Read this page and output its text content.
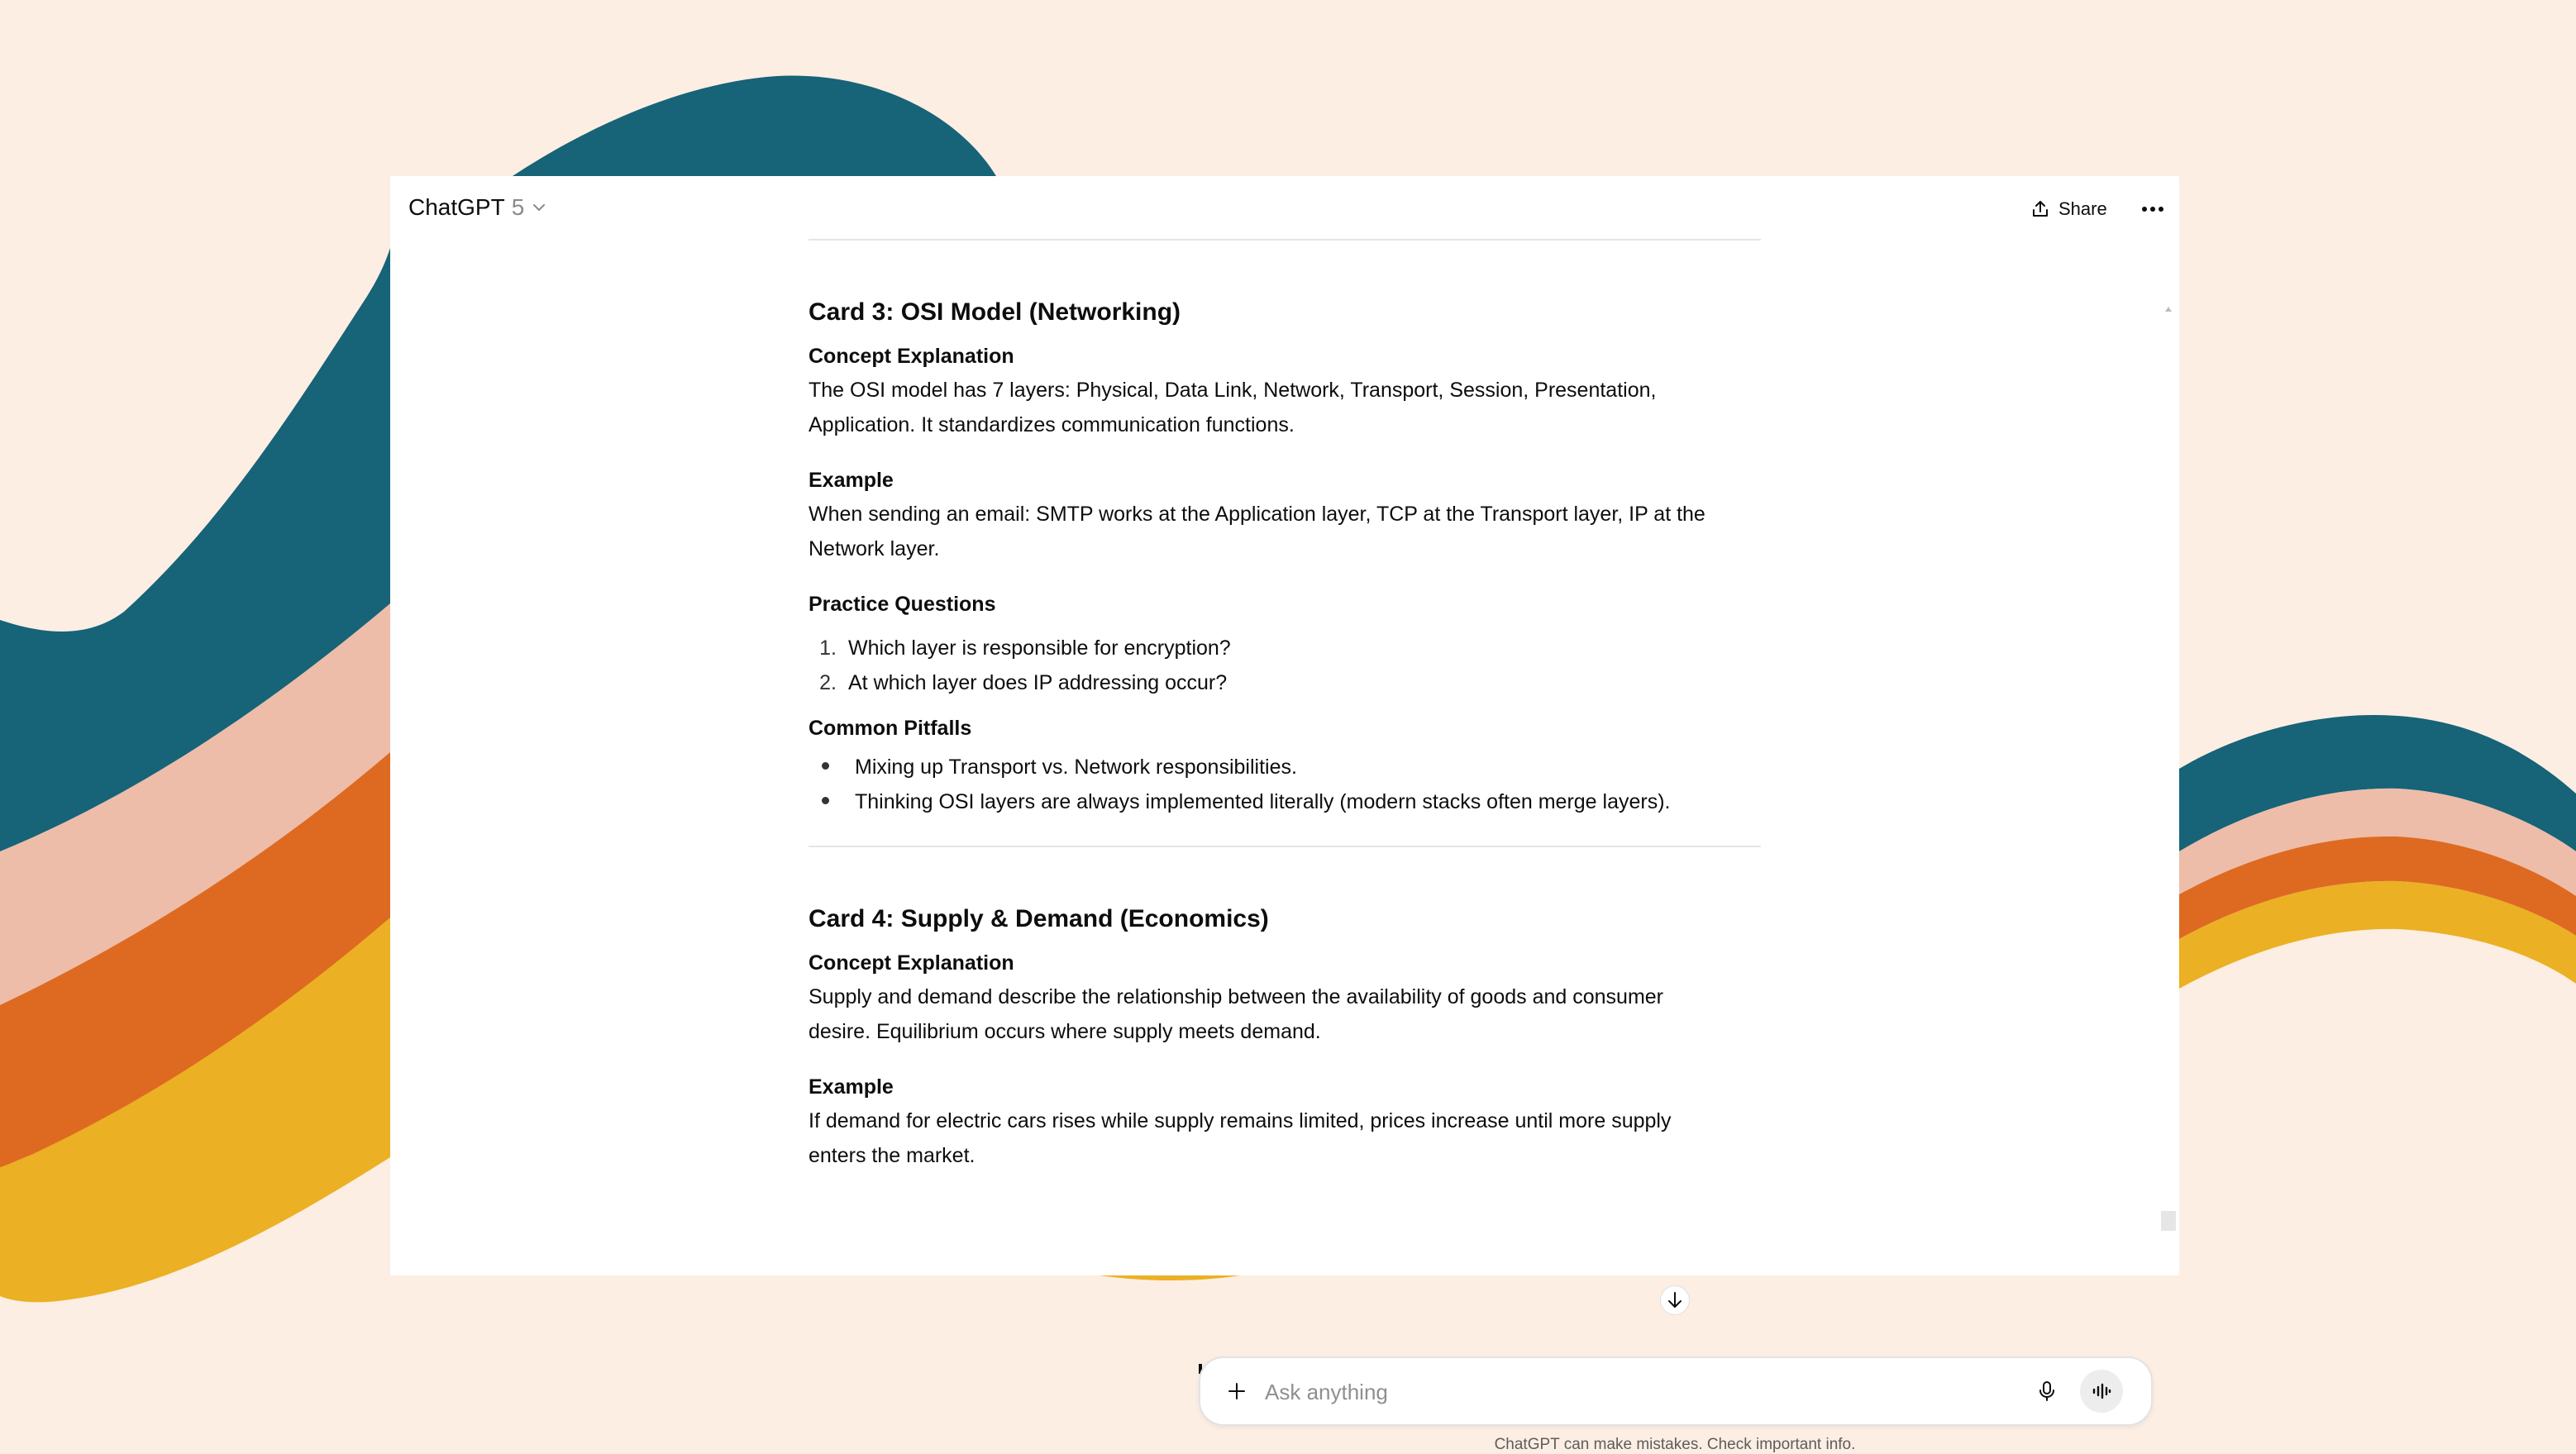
ChatGPT 5	Share
Card 3: OSI Model (Networking)
Concept Explanation
The OSI model has 7 layers: Physical, Data Link, Network, Transport, Session, Presentation,
Application. It standardizes communication functions.
Example
When sending an email: SMTP works at the Application layer, TCP at the Transport layer, IP at the
Network layer.
Practice Questions
1. Which layer is responsible for encryption?
2. At which layer does IP addressing occur?
Common Pitfalls
Mixing up Transport vs. Network responsibilities.
Thinking OSI layers are always implemented literally (modern stacks often merge layers).
Card 4: Supply & Demand (Economics)
Concept Explanation
Supply and demand describe the relationship between the availability of goods and consumer
desire. Equilibrium occurs where supply meets demand.
Example
If demand for electric cars rises while supply remains limited, prices increase until more supply
enters the market.
Ask anything
ChatGPT can make mistakes. Check important info.
